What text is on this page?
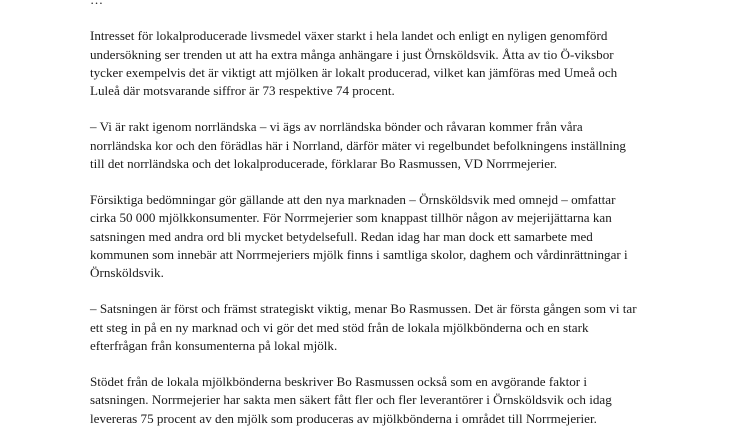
Intresset för lokalproducerade livsmedel växer starkt i hela landet och enligt en nyligen genomförd
undersökning ser trenden ut att ha extra många anhängare i just Örnsköldsvik. Åtta av tio Ö-viksbor
tycker exempelvis det är viktigt att mjölken är lokalt producerad, vilket kan jämföras med Umeå och
Luleå där motsvarande siffror är 73 respektive 74 procent.

– Vi är rakt igenom norrländska – vi ägs av norrländska bönder och råvaran kommer från våra
norrländska kor och den förädlas här i Norrland, därför mäter vi regelbundet befolkningens inställning
till det norrländska och det lokalproducerade, förklarar Bo Rasmussen, VD Norrmejerier.

Försiktiga bedömningar gör gällande att den nya marknaden – Örnsköldsvik med omnejd – omfattar
cirka 50 000 mjölkkonsumenter. För Norrmejerier som knappast tillhör någon av mejerijättarna kan
satsningen med andra ord bli mycket betydelsefull. Redan idag har man dock ett samarbete med
kommunen som innebär att Norrmejeriers mjölk finns i samtliga skolor, daghem och vårdinrättningar i
Örnsköldsvik.

– Satsningen är först och främst strategiskt viktig, menar Bo Rasmussen. Det är första gången som vi tar
ett steg in på en ny marknad och vi gör det med stöd från de lokala mjölkbönderna och en stark
efterfrågan från konsumenterna på lokal mjölk.

Stödet från de lokala mjölkbönderna beskriver Bo Rasmussen också som en avgörande faktor i
satsningen. Norrmejerier har sakta men säkert fått fler och fler leverantörer i Örnsköldsvik och idag
levereras 75 procent av den mjölk som produceras av mjölkbönderna i området till Norrmejerier.
